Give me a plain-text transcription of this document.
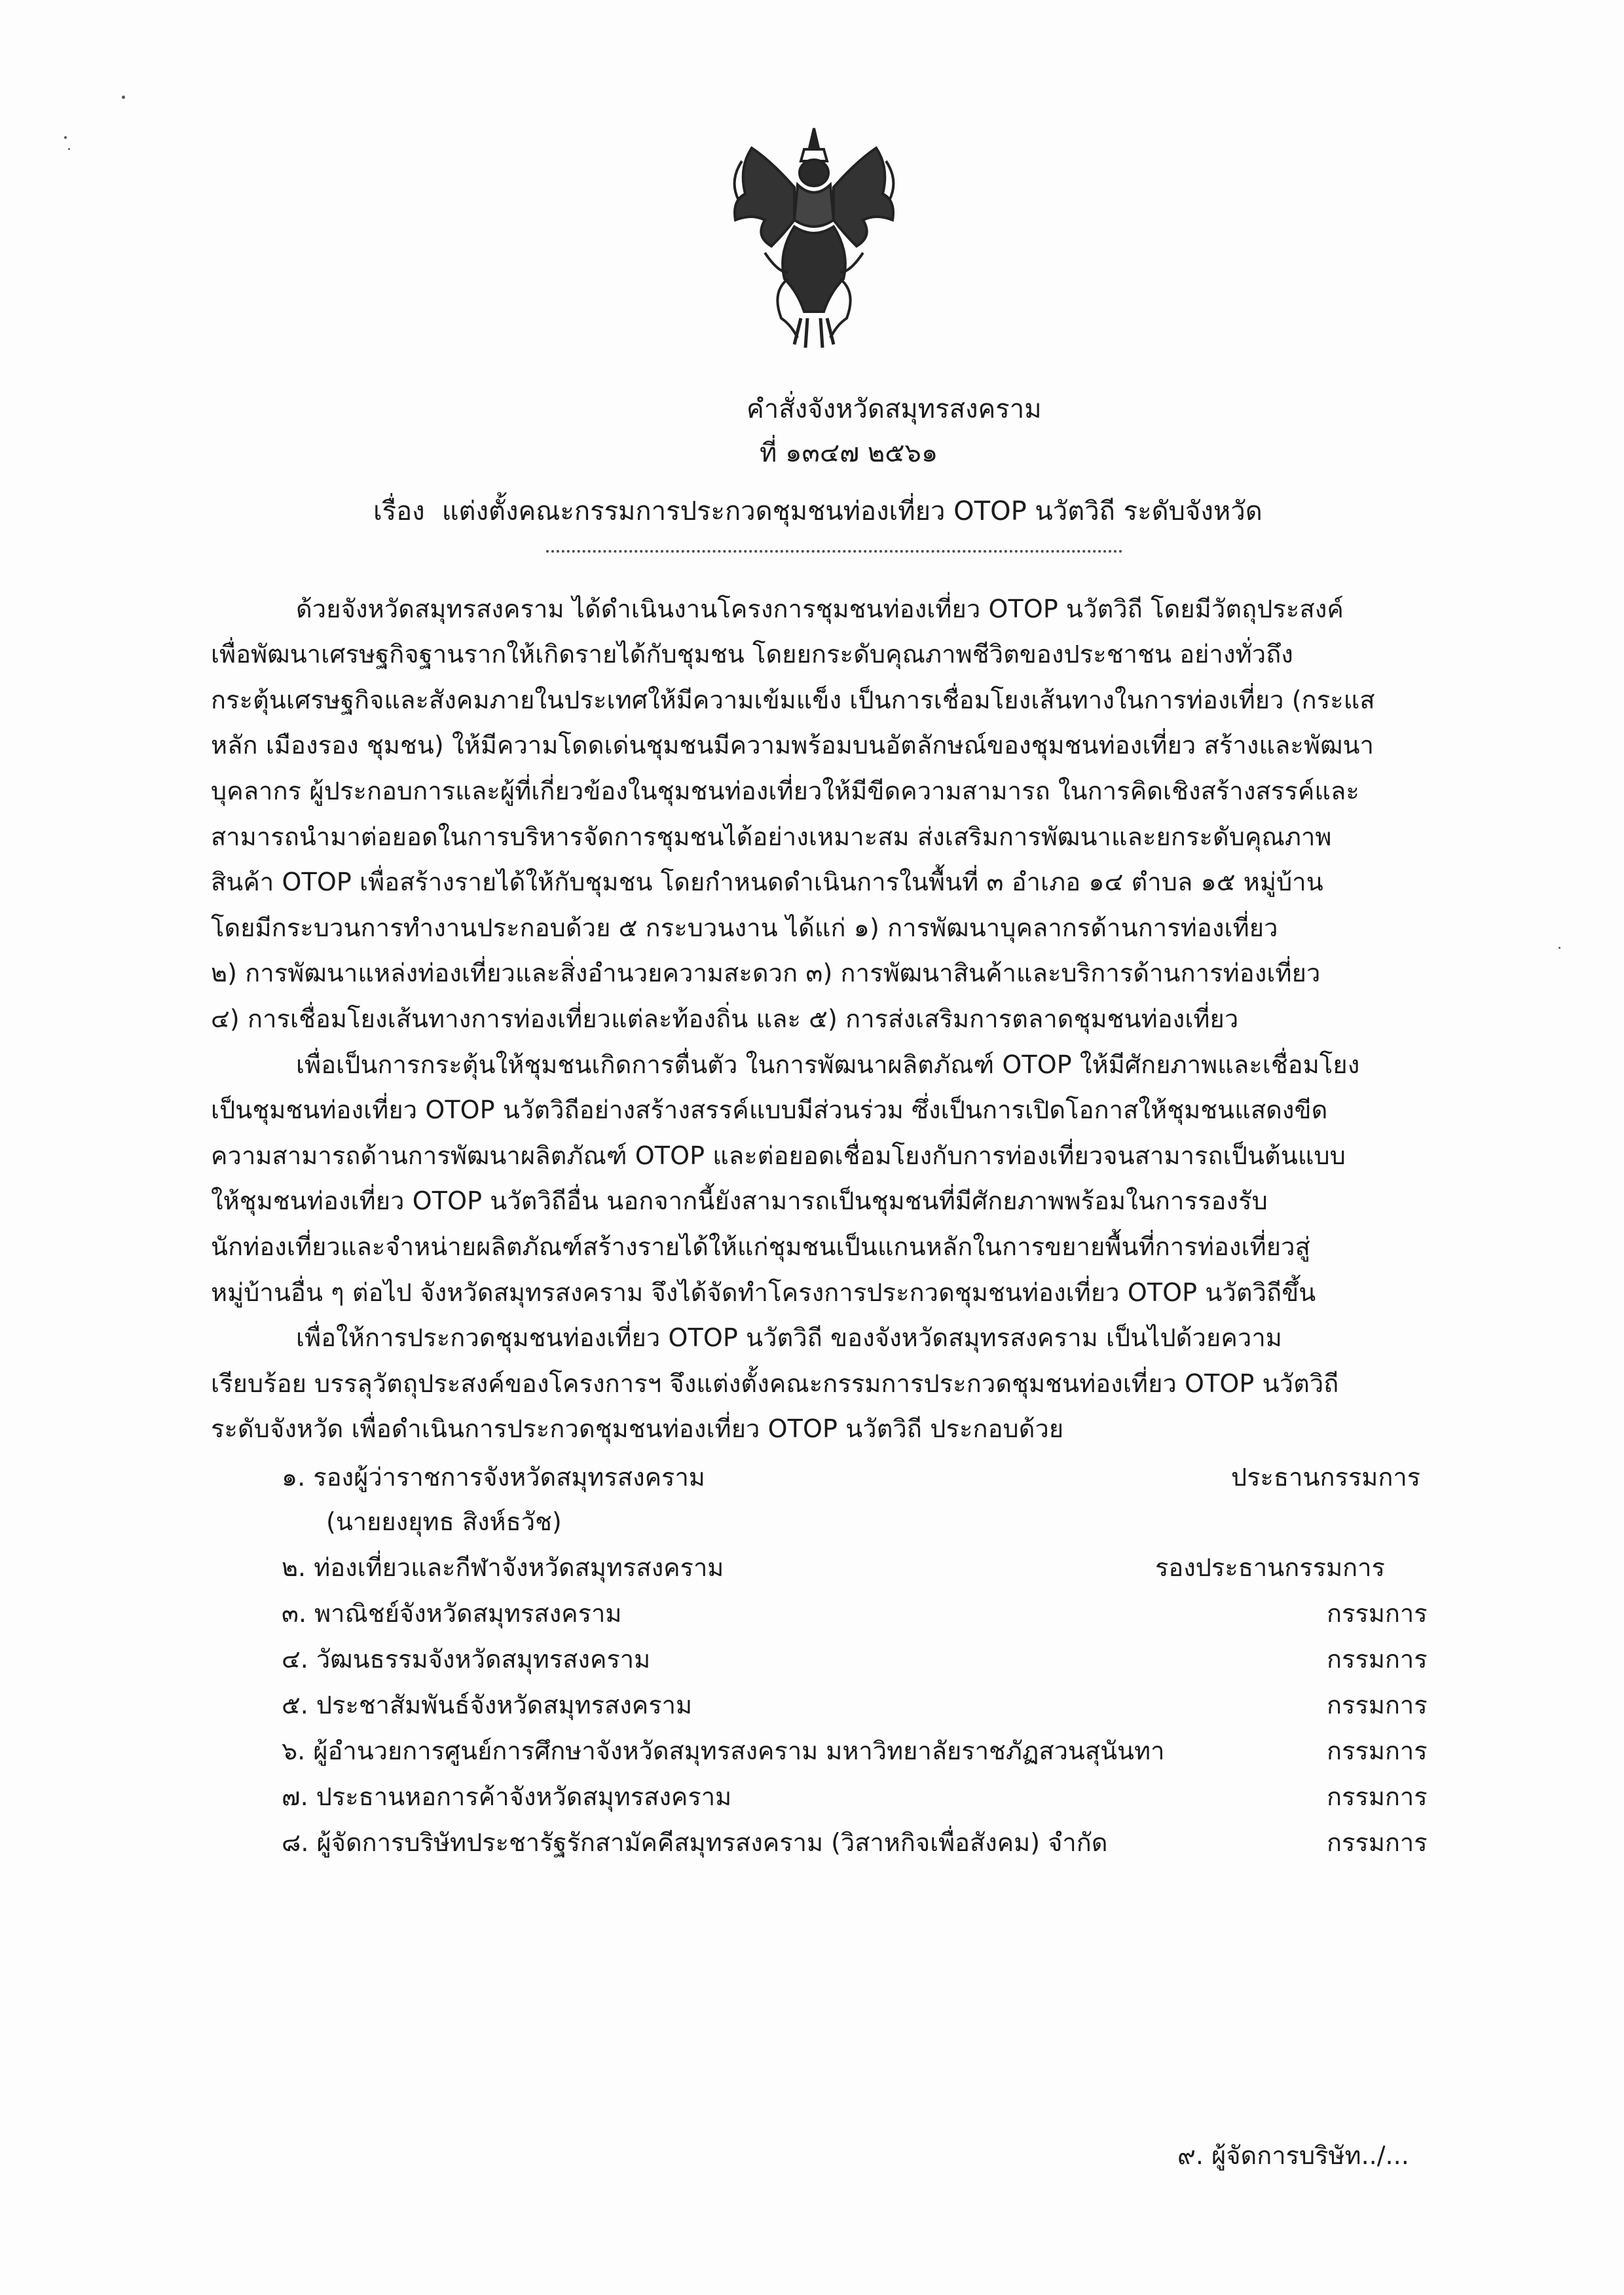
คำสั่งจังหวัดสมุทรสงคราม
ที่ ๑๓๔๗ ๒๕๖๑
เรื่อง แต่งตั้งคณะกรรมการประกวดชุมชนท่องเที่ยว OTOP นวัตวิถี ระดับจังหวัด
ด้วยจังหวัดสมุทรสงคราม ได้ดำเนินงานโครงการชุมชนท่องเที่ยว OTOP นวัตวิถี โดยมีวัตถุประสงค์
เพื่อพัฒนาเศรษฐกิจฐานรากให้เกิดรายได้กับชุมชน โดยยกระดับคุณภาพชีวิตของประชาชน อย่างทั่วถึง
กระตุ้นเศรษฐกิจและสังคมภายในประเทศให้มีความเข้มแข็ง เป็นการเชื่อมโยงเส้นทางในการท่องเที่ยว (กระแส
หลัก เมืองรอง ชุมชน) ให้มีความโดดเด่นชุมชนมีความพร้อมบนอัตลักษณ์ของชุมชนท่องเที่ยว สร้างและพัฒนา
บุคลากร ผู้ประกอบการและผู้ที่เกี่ยวข้องในชุมชนท่องเที่ยวให้มีขีดความสามารถ ในการคิดเชิงสร้างสรรค์และ
สามารถนำมาต่อยอดในการบริหารจัดการชุมชนได้อย่างเหมาะสม ส่งเสริมการพัฒนาและยกระดับคุณภาพ
สินค้า OTOP เพื่อสร้างรายได้ให้กับชุมชน โดยกำหนดดำเนินการในพื้นที่ ๓ อำเภอ ๑๔ ตำบล ๑๕ หมู่บ้าน
โดยมีกระบวนการทำงานประกอบด้วย ๕ กระบวนงาน ได้แก่ ๑) การพัฒนาบุคลากรด้านการท่องเที่ยว
๒) การพัฒนาแหล่งท่องเที่ยวและสิ่งอำนวยความสะดวก ๓) การพัฒนาสินค้าและบริการด้านการท่องเที่ยว
๔) การเชื่อมโยงเส้นทางการท่องเที่ยวแต่ละท้องถิ่น และ ๕) การส่งเสริมการตลาดชุมชนท่องเที่ยว
เพื่อเป็นการกระตุ้นให้ชุมชนเกิดการตื่นตัว ในการพัฒนาผลิตภัณฑ์ OTOP ให้มีศักยภาพและเชื่อมโยง
เป็นชุมชนท่องเที่ยว OTOP นวัตวิถีอย่างสร้างสรรค์แบบมีส่วนร่วม ซึ่งเป็นการเปิดโอกาสให้ชุมชนแสดงขีด
ความสามารถด้านการพัฒนาผลิตภัณฑ์ OTOP และต่อยอดเชื่อมโยงกับการท่องเที่ยวจนสามารถเป็นต้นแบบ
ให้ชุมชนท่องเที่ยว OTOP นวัตวิถีอื่น นอกจากนี้ยังสามารถเป็นชุมชนที่มีศักยภาพพร้อมในการรองรับ
นักท่องเที่ยวและจำหน่ายผลิตภัณฑ์สร้างรายได้ให้แก่ชุมชนเป็นแกนหลักในการขยายพื้นที่การท่องเที่ยวสู่
หมู่บ้านอื่น ๆ ต่อไป จังหวัดสมุทรสงคราม จึงได้จัดทำโครงการประกวดชุมชนท่องเที่ยว OTOP นวัตวิถีขึ้น
เพื่อให้การประกวดชุมชนท่องเที่ยว OTOP นวัตวิถี ของจังหวัดสมุทรสงคราม เป็นไปด้วยความ
เรียบร้อย บรรลุวัตถุประสงค์ของโครงการฯ จึงแต่งตั้งคณะกรรมการประกวดชุมชนท่องเที่ยว OTOP นวัตวิถี
ระดับจังหวัด เพื่อดำเนินการประกวดชุมชนท่องเที่ยว OTOP นวัตวิถี ประกอบด้วย
๑. รองผู้ว่าราชการจังหวัดสมุทรสงคราม	ประธานกรรมการ
(นายยงยุทธ สิงห์ธวัช)
๒. ท่องเที่ยวและกีฬาจังหวัดสมุทรสงคราม	รองประธานกรรมการ
๓. พาณิชย์จังหวัดสมุทรสงคราม	กรรมการ
๔. วัฒนธรรมจังหวัดสมุทรสงคราม	กรรมการ
๕. ประชาสัมพันธ์จังหวัดสมุทรสงคราม	กรรมการ
๖. ผู้อำนวยการศูนย์การศึกษาจังหวัดสมุทรสงคราม มหาวิทยาลัยราชภัฏสวนสุนันทา	กรรมการ
๗. ประธานหอการค้าจังหวัดสมุทรสงคราม	กรรมการ
๘. ผู้จัดการบริษัทประชารัฐรักสามัคคีสมุทรสงคราม (วิสาหกิจเพื่อสังคม) จำกัด	กรรมการ
๙. ผู้จัดการบริษัท../...
